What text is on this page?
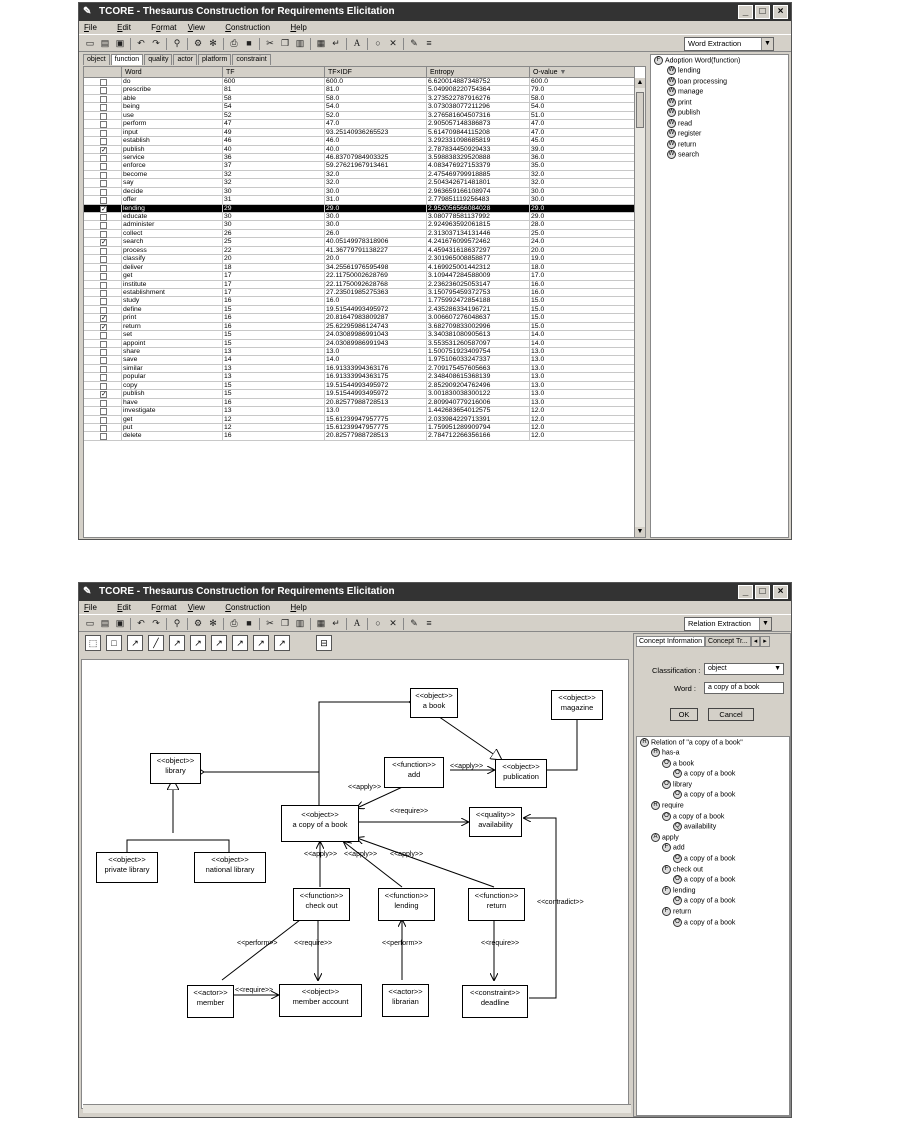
✎ TCORE - Thesaurus Construction for Requirements Elicitation	_	□	×
File	Edit	Format View	Construction	Help
▭ ▤ ▣ ↶ ↷	⚲	⚙ ✻ ⎙ ■	✂ ❐ ▥ ▦ ↵	A	○ ✕ ✎ ≡	Word Extraction	▼
object function quality actor platform constraint
Word	TF	TF×IDF	Entropy	O-value ▼
do	600	600.0	6.620014887348752	600.0
prescribe	81	81.0	5.049908220754364	79.0
able	58	58.0	3.273522787916276	58.0
being	54	54.0	3.073038077211296	54.0
use	52	52.0	3.276581604507316	51.0
perform	47	47.0	2.905057148386873	47.0
input	49	93.25140936265523	5.614709844115208	47.0
establish	46	46.0	3.292331098685819	45.0
✓ publish	40	40.0	2.787834450929433	39.0
service	36	46.83707984903325	3.598838329520888	36.0
enforce	37	59.27621967913461	4.083476927153379	35.0
become	32	32.0	2.475469799918885	32.0
say	32	32.0	2.504342671481801	32.0
decide	30	30.0	2.963659166108974	30.0
offer	31	31.0	2.779851119256483	30.0
✓ lending	29	29.0	2.952056566084028	29.0
educate	30	30.0	3.080778581137992	29.0
administer	30	30.0	2.924963592061815	28.0
collect	26	26.0	2.313037134131446	25.0
✓ search	25	40.05149978318906	4.241676099572462	24.0
process	22	41.36779791138227	4.459431618637297	20.0
classify	20	20.0	2.301965008858877	19.0
deliver	18	34.25561976595498	4.169925001442312	18.0
get	17	22.11750002628769	3.109447284588009	17.0
institute	17	22.11750092628768	2.236236025053147	16.0
establishment	17	27.23501985275363	3.150795459372753	16.0
study	16	16.0	1.775992472854188	15.0
define	15	19.51544993495972	2.435286334196721	15.0
✓ print	16	20.81647983809287	3.006607276048637	15.0
✓ return	16	25.62295986124743	3.682709833002996	15.0
set	15	24.03089986991043	3.340381080905613	14.0
appoint	15	24.03089986991943	3.553531260587097	14.0
share	13	13.0	1.500751923409754	13.0
save	14	14.0	1.975106033247337	13.0
similar	13	16.91333994363176	2.709175457605663	13.0
popular	13	16.91333994363175	2.348408615368139	13.0
copy	15	19.51544993495972	2.852909204762496	13.0
✓ publish	15	19.51544993495972	3.001830038300122	13.0
have	16	20.82577988728513	2.809940779216006	13.0
investigate	13	13.0	1.442683654012575	12.0
get	12	15.61239947957775	2.033984229713391	12.0
put	12	15.61239947957775	1.759951289909794	12.0
delete	16	20.82577988728513	2.784712266356166	12.0
▲
▼
F Adoption Word(function)
W lending
W loan processing
W manage
W print
W publish
W read
W register
W return
W search
✎ TCORE - Thesaurus Construction for Requirements Elicitation	_	□	×
File	Edit	Format View	Construction	Help
▭ ▤ ▣ ↶ ↷	⚲	⚙ ✻ ⎙ ■	✂ ❐ ▥ ▦ ↵	A	○ ✕ ✎ ≡	Relation Extraction	▼
⬚	□	↗	╱	↗	↗	↗	↗	↗	↗	⊟
<<object>>
a book
<<object>>
magazine
<<object>>
library
<<function>>
add
<<object>>
publication
<<object>>
a copy of a book
<<quality>>
availability
<<object>>
private library
<<object>>
national library
<<function>>
check out
<<function>>
lending
<<function>>
return
<<actor>>
member
<<object>>
member account
<<actor>>
librarian
<<constraint>>
deadline
<<apply>>
<<apply>>
<<require>>
<<apply>> <<apply>> <<apply>>
<<perform>> <<require>>	<<perform>>	<<require>>
<<require>>
<<contradict>>
Concept Information Concept Tr... ◂ ▸
Classification :	object	▼
Word :	a copy of a book
OK	Cancel
R Relation of "a copy of a book"
H has-a
O a book
O a copy of a book
O library
O a copy of a book
R require
O a copy of a book
Q availability
A apply
F add
O a copy of a book
F check out
O a copy of a book
F lending
O a copy of a book
F return
O a copy of a book
